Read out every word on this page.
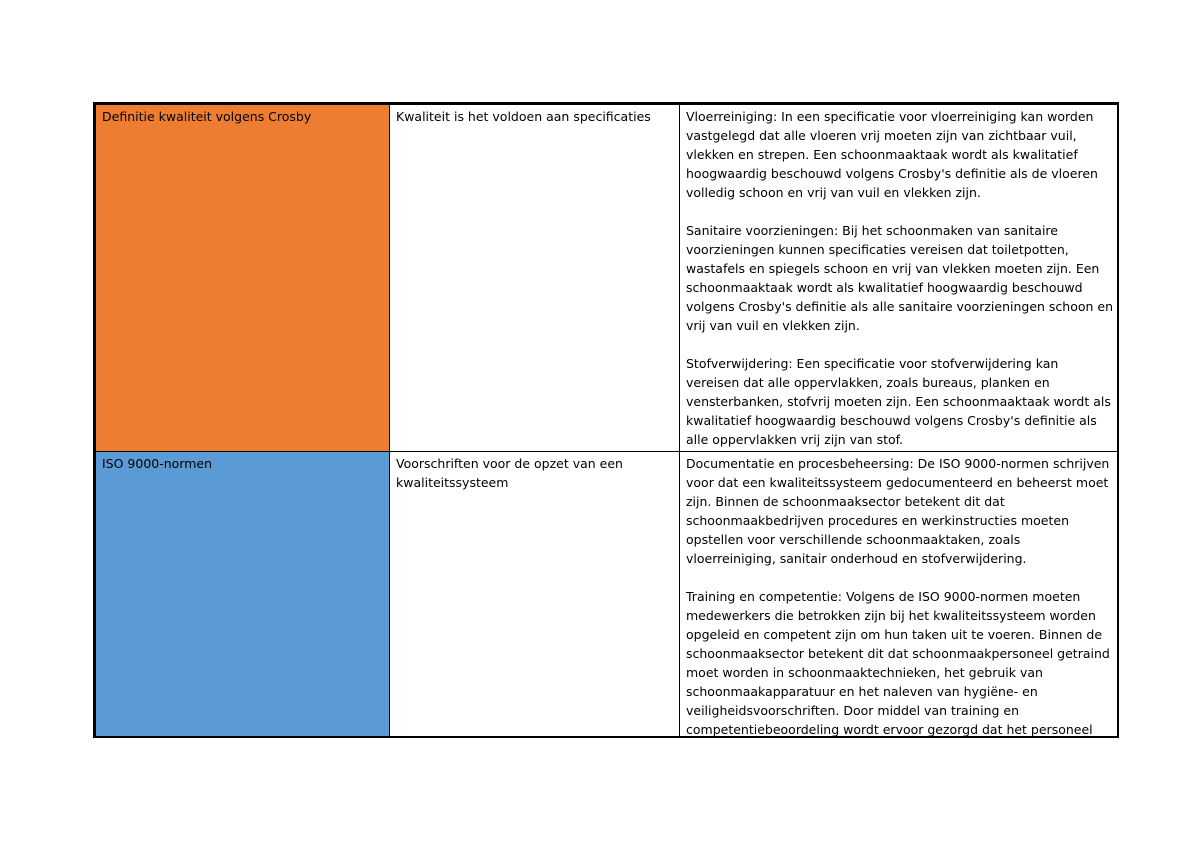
Definitie kwaliteit volgens Crosby	Kwaliteit is het voldoen aan specificaties	Vloerreiniging: In een specificatie voor vloerreiniging kan worden vastgelegd dat alle vloeren vrij moeten zijn van zichtbaar vuil, vlekken en strepen. Een schoonmaaktaak wordt als kwalitatief hoogwaardig beschouwd volgens Crosby's definitie als de vloeren volledig schoon en vrij van vuil en vlekken zijn.

Sanitaire voorzieningen: Bij het schoonmaken van sanitaire voorzieningen kunnen specificaties vereisen dat toiletpotten, wastafels en spiegels schoon en vrij van vlekken moeten zijn. Een schoonmaaktaak wordt als kwalitatief hoogwaardig beschouwd volgens Crosby's definitie als alle sanitaire voorzieningen schoon en vrij van vuil en vlekken zijn.

Stofverwijdering: Een specificatie voor stofverwijdering kan vereisen dat alle oppervlakken, zoals bureaus, planken en vensterbanken, stofvrij moeten zijn. Een schoonmaaktaak wordt als kwalitatief hoogwaardig beschouwd volgens Crosby's definitie als alle oppervlakken vrij zijn van stof.

ISO 9000-normen	Voorschriften voor de opzet van een kwaliteitssysteem	Documentatie en procesbeheersing: De ISO 9000-normen schrijven voor dat een kwaliteitssysteem gedocumenteerd en beheerst moet zijn. Binnen de schoonmaaksector betekent dit dat schoonmaakbedrijven procedures en werkinstructies moeten opstellen voor verschillende schoonmaaktaken, zoals vloerreiniging, sanitair onderhoud en stofverwijdering.

Training en competentie: Volgens de ISO 9000-normen moeten medewerkers die betrokken zijn bij het kwaliteitssysteem worden opgeleid en competent zijn om hun taken uit te voeren. Binnen de schoonmaaksector betekent dit dat schoonmaakpersoneel getraind moet worden in schoonmaaktechnieken, het gebruik van schoonmaakapparatuur en het naleven van hygiëne- en veiligheidsvoorschriften. Door middel van training en competentiebeoordeling wordt ervoor gezorgd dat het personeel
